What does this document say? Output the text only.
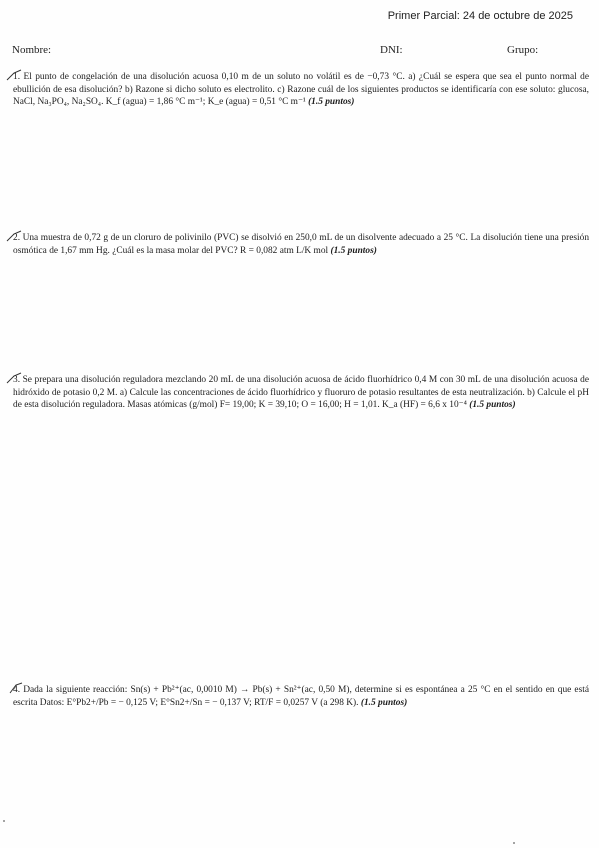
Primer Parcial: 24 de octubre de 2025
Nombre:	DNI:	Grupo:
1. El punto de congelación de una disolución acuosa 0,10 m de un soluto no volátil es de −0,73 °C. a) ¿Cuál se espera que sea el punto normal de ebullición de esa disolución? b) Razone si dicho soluto es electrolito. c) Razone cuál de los siguientes productos se identificaría con ese soluto: glucosa, NaCl, Na₃PO₄, Na₂SO₄. K_f (agua) = 1,86 °C m⁻¹; K_e (agua) = 0,51 °C m⁻¹ (1.5 puntos)
2. Una muestra de 0,72 g de un cloruro de polivinilo (PVC) se disolvió en 250,0 mL de un disolvente adecuado a 25 °C. La disolución tiene una presión osmótica de 1,67 mm Hg. ¿Cuál es la masa molar del PVC? R = 0,082 atm L/K mol (1.5 puntos)
3. Se prepara una disolución reguladora mezclando 20 mL de una disolución acuosa de ácido fluorhídrico 0,4 M con 30 mL de una disolución acuosa de hidróxido de potasio 0,2 M. a) Calcule las concentraciones de ácido fluorhídrico y fluoruro de potasio resultantes de esta neutralización. b) Calcule el pH de esta disolución reguladora. Masas atómicas (g/mol) F= 19,00; K = 39,10; O = 16,00; H = 1,01. K_a (HF) = 6,6 x 10⁻⁴ (1.5 puntos)
4. Dada la siguiente reacción: Sn(s) + Pb²⁺(ac, 0,0010 M) → Pb(s) + Sn²⁺(ac, 0,50 M), determine si es espontánea a 25 °C en el sentido en que está escrita Datos: E°Pb2+/Pb = − 0,125 V; E°Sn2+/Sn = − 0,137 V; RT/F = 0,0257 V (a 298 K). (1.5 puntos)
